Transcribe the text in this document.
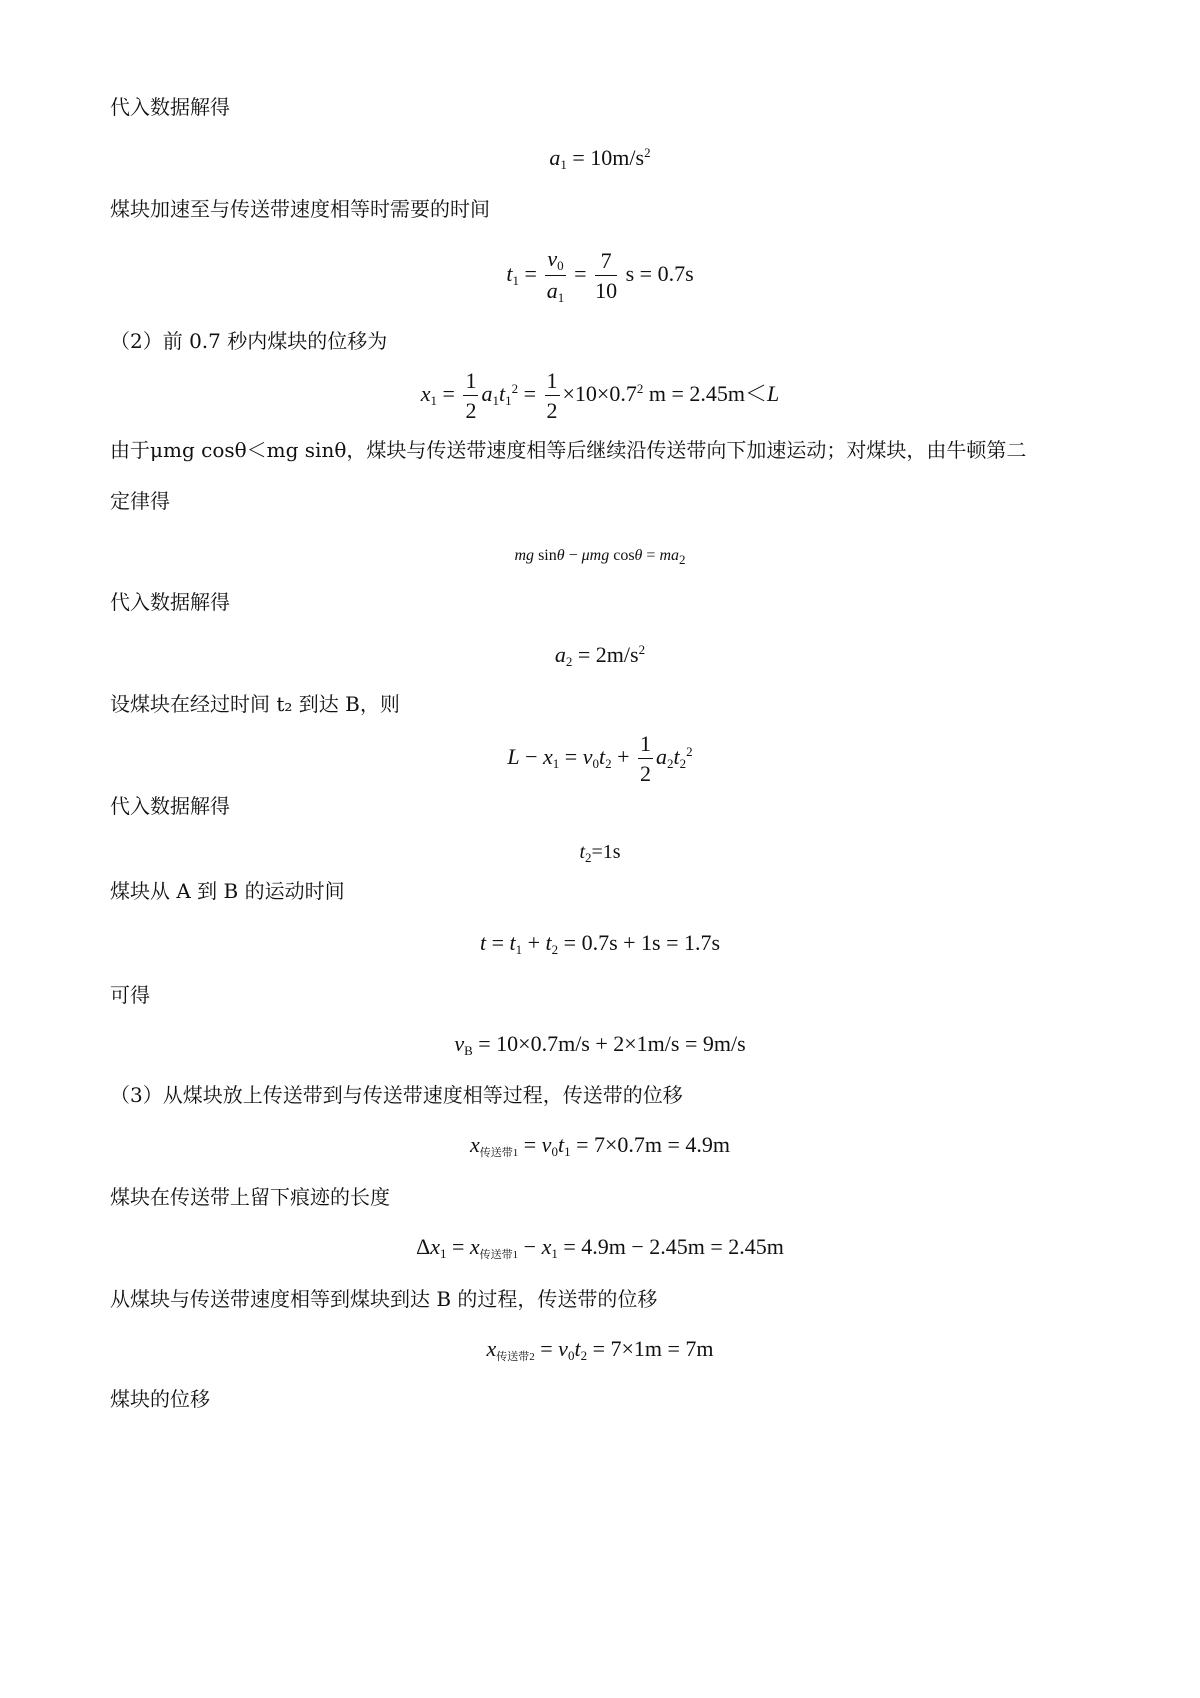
代入数据解得
$a_1 = 10m/s^2$
煤块加速至与传送带速度相等时需要的时间
$t_1 = \frac{v_0}{a_1} = \frac{7}{10}$ s = 0.7s
（2）前 0.7 秒内煤块的位移为
$x_1 = \frac{1}{2} a_1t_1^2 = \frac{1}{2} \times 10\times 0.7^2$ m = 2.45m＜L
由于μmg cosθ＜mg sinθ，煤块与传送带速度相等后继续沿传送带向下加速运动；对煤块，由牛顿第二
定律得
mg sinθ − μmg $\cos\theta = ma_2$
代入数据解得
$a_2 = 2m/s^2$
设煤块在经过时间 t₂ 到达 B，则
$L - x_1 = v_0t_2 + \frac{1}{2} a_2t_2^2$
代入数据解得
$t_2=1s$
煤块从 A 到 B 的运动时间
$t = t_1 + t_2 = 0.7s + 1s = 1.7s$
可得
$v_B = 10\times 0.7m/s + 2\times 1m/s = 9m/s$
（3）从煤块放上传送带到与传送带速度相等过程，传送带的位移
x传送带$1 = v_0t_1 = 7\times 0.7m = 4.9m$
煤块在传送带上留下痕迹的长度
$\Delta x_1 = x$传送带$1 - x_1 = 4.9m - 2.45m = 2.45m$
从煤块与传送带速度相等到煤块到达 B 的过程，传送带的位移
x传送带$2 = v_0t_2 = 7\times 1m = 7m$
煤块的位移
